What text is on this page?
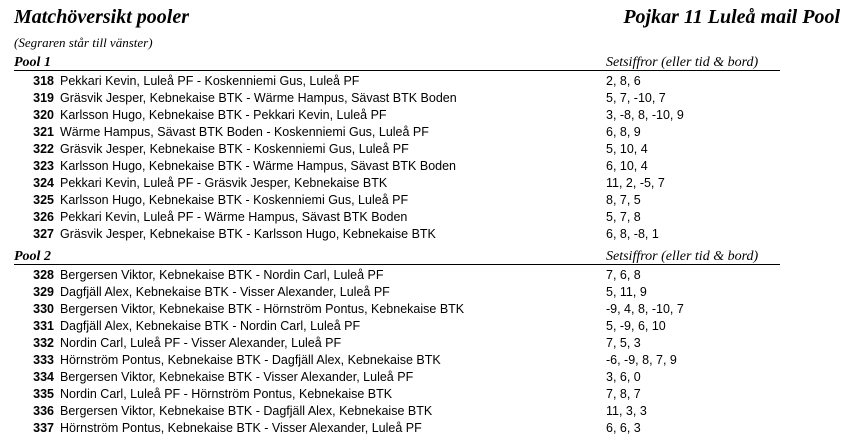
Matchöversikt pooler	Pojkar 11 Luleå mail Pool
(Segraren står till vänster)
Pool 1	Setsiffror (eller tid & bord)
318 Pekkari Kevin, Luleå PF - Koskenniemi Gus, Luleå PF	2, 8, 6
319 Gräsvik Jesper, Kebnekaise BTK - Wärme Hampus, Sävast BTK Boden	5, 7, -10, 7
320 Karlsson Hugo, Kebnekaise BTK - Pekkari Kevin, Luleå PF	3, -8, 8, -10, 9
321 Wärme Hampus, Sävast BTK Boden - Koskenniemi Gus, Luleå PF	6, 8, 9
322 Gräsvik Jesper, Kebnekaise BTK - Koskenniemi Gus, Luleå PF	5, 10, 4
323 Karlsson Hugo, Kebnekaise BTK - Wärme Hampus, Sävast BTK Boden	6, 10, 4
324 Pekkari Kevin, Luleå PF - Gräsvik Jesper, Kebnekaise BTK	11, 2, -5, 7
325 Karlsson Hugo, Kebnekaise BTK - Koskenniemi Gus, Luleå PF	8, 7, 5
326 Pekkari Kevin, Luleå PF - Wärme Hampus, Sävast BTK Boden	5, 7, 8
327 Gräsvik Jesper, Kebnekaise BTK - Karlsson Hugo, Kebnekaise BTK	6, 8, -8, 1
Pool 2	Setsiffror (eller tid & bord)
328 Bergersen Viktor, Kebnekaise BTK - Nordin Carl, Luleå PF	7, 6, 8
329 Dagfjäll Alex, Kebnekaise BTK - Visser Alexander, Luleå PF	5, 11, 9
330 Bergersen Viktor, Kebnekaise BTK - Hörnström Pontus, Kebnekaise BTK	-9, 4, 8, -10, 7
331 Dagfjäll Alex, Kebnekaise BTK - Nordin Carl, Luleå PF	5, -9, 6, 10
332 Nordin Carl, Luleå PF - Visser Alexander, Luleå PF	7, 5, 3
333 Hörnström Pontus, Kebnekaise BTK - Dagfjäll Alex, Kebnekaise BTK	-6, -9, 8, 7, 9
334 Bergersen Viktor, Kebnekaise BTK - Visser Alexander, Luleå PF	3, 6, 0
335 Nordin Carl, Luleå PF - Hörnström Pontus, Kebnekaise BTK	7, 8, 7
336 Bergersen Viktor, Kebnekaise BTK - Dagfjäll Alex, Kebnekaise BTK	11, 3, 3
337 Hörnström Pontus, Kebnekaise BTK - Visser Alexander, Luleå PF	6, 6, 3
